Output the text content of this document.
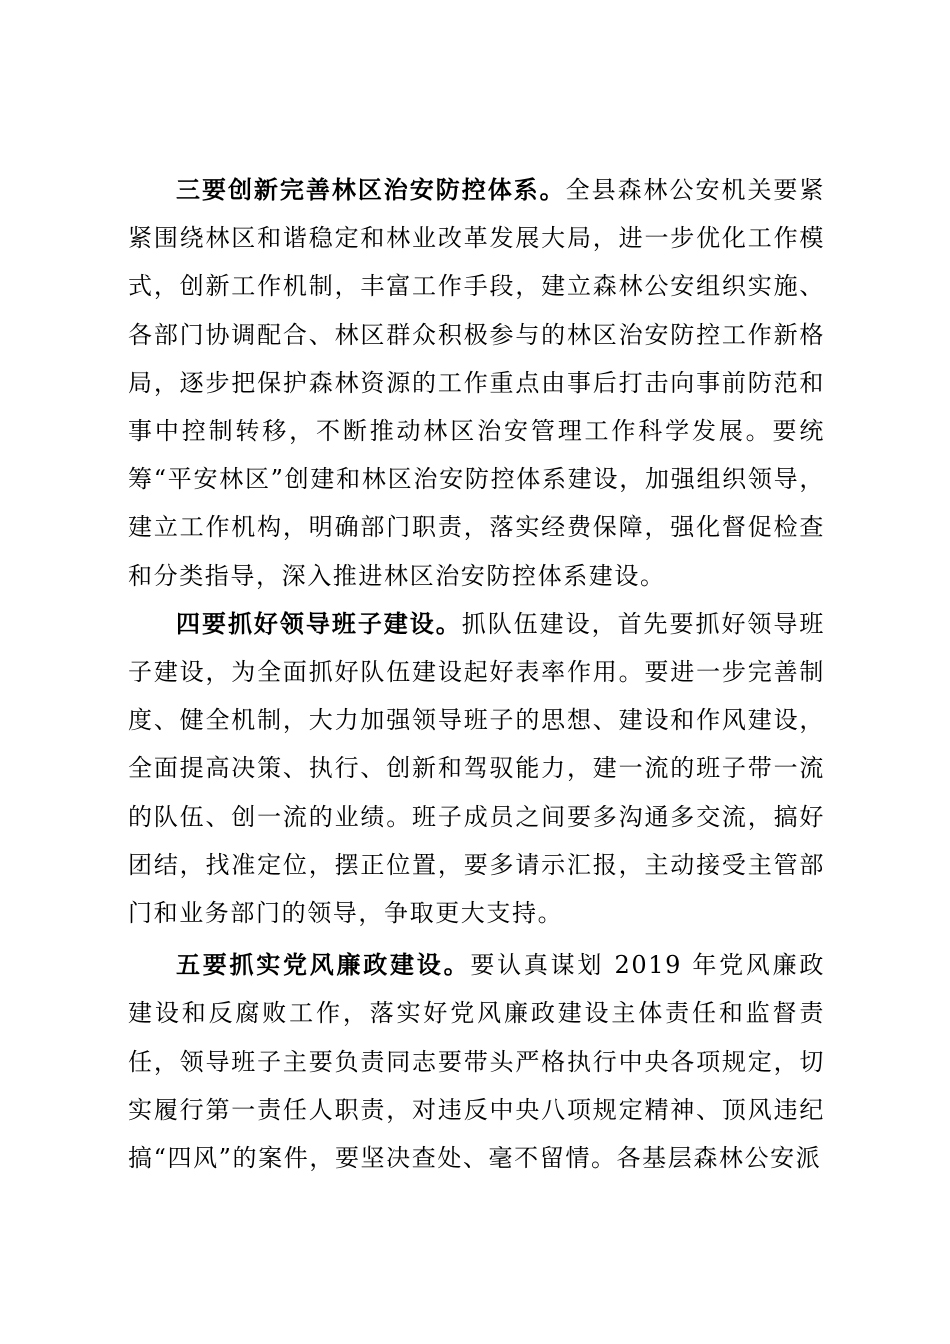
三要创新完善林区治安防控体系。全县森林公安机关要紧紧围绕林区和谐稳定和林业改革发展大局，进一步优化工作模式，创新工作机制，丰富工作手段，建立森林公安组织实施、各部门协调配合、林区群众积极参与的林区治安防控工作新格局，逐步把保护森林资源的工作重点由事后打击向事前防范和事中控制转移，不断推动林区治安管理工作科学发展。要统筹“平安林区”创建和林区治安防控体系建设，加强组织领导，建立工作机构，明确部门职责，落实经费保障，强化督促检查和分类指导，深入推进林区治安防控体系建设。

四要抓好领导班子建设。抓队伍建设，首先要抓好领导班子建设，为全面抓好队伍建设起好表率作用。要进一步完善制度、健全机制，大力加强领导班子的思想、建设和作风建设，全面提高决策、执行、创新和驾驭能力，建一流的班子带一流的队伍、创一流的业绩。班子成员之间要多沟通多交流，搞好团结，找准定位，摆正位置，要多请示汇报，主动接受主管部门和业务部门的领导，争取更大支持。

五要抓实党风廉政建设。要认真谋划 2019 年党风廉政建设和反腐败工作，落实好党风廉政建设主体责任和监督责任，领导班子主要负责同志要带头严格执行中央各项规定，切实履行第一责任人职责，对违反中央八项规定精神、顶风违纪搞“四风”的案件，要坚决查处、毫不留情。各基层森林公安派
